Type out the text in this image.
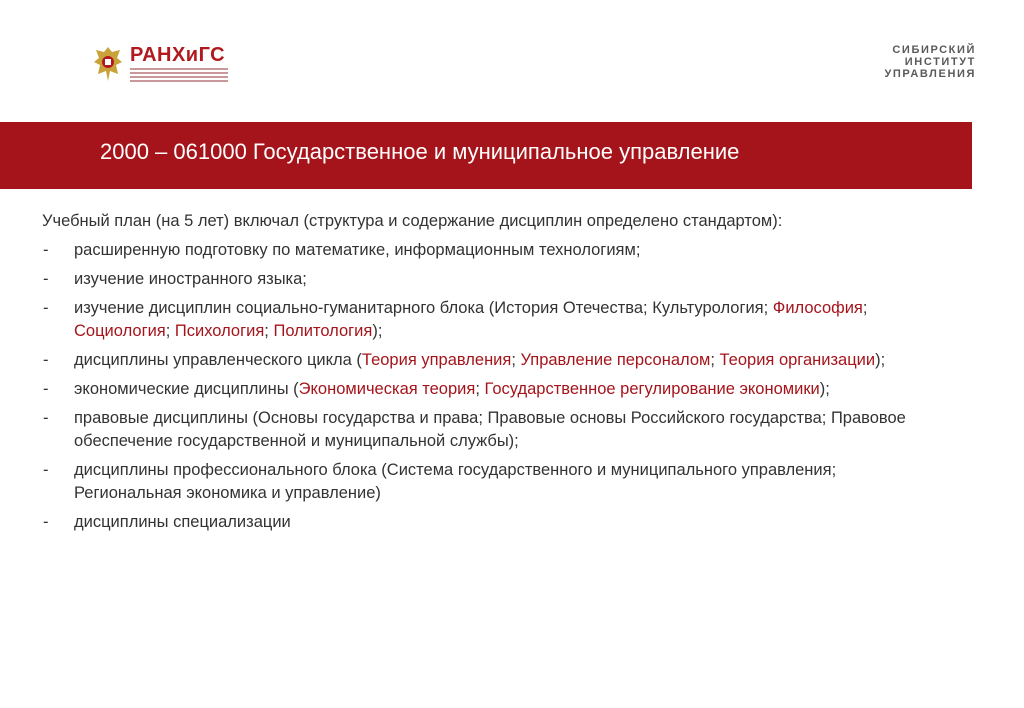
РАНХиГС	СИБИРСКИЙ
ИНСТИТУТ
УПРАВЛЕНИЯ
2000 – 061000 Государственное и муниципальное управление
Учебный план (на 5 лет) включал (структура и содержание дисциплин определено стандартом):
- расширенную подготовку по математике, информационным технологиям;
- изучение иностранного языка;
- изучение дисциплин социально-гуманитарного блока (История Отечества; Культурология; Философия; Социология; Психология; Политология);
- дисциплины управленческого цикла (Теория управления; Управление персоналом; Теория организации);
- экономические дисциплины (Экономическая теория; Государственное регулирование экономики);
- правовые дисциплины (Основы государства и права; Правовые основы Российского государства; Правовое обеспечение государственной и муниципальной службы);
- дисциплины профессионального блока (Система государственного и муниципального управления; Региональная экономика и управление)
- дисциплины специализации
